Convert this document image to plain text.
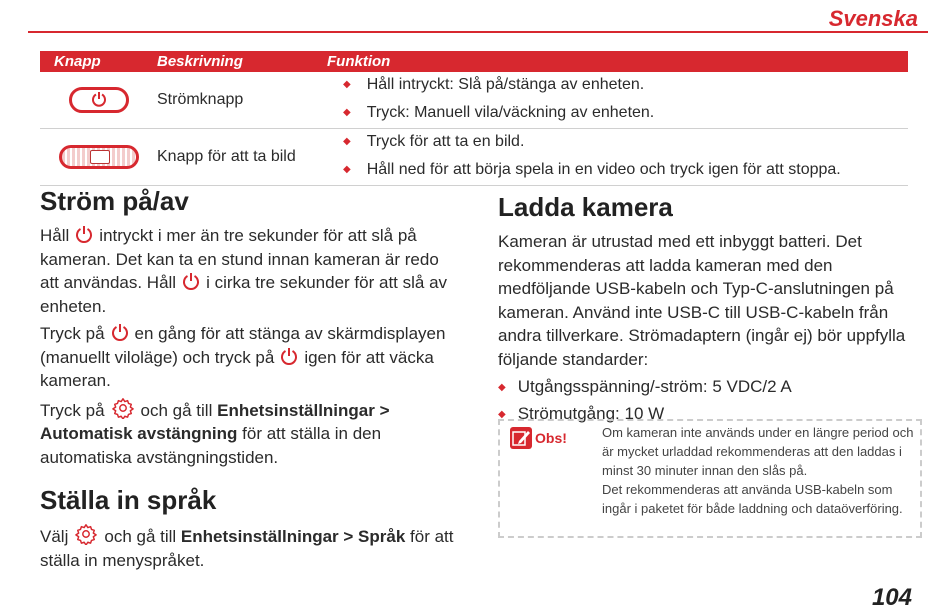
Svenska
Knapp	Beskrivning	Funktion

	Strömknapp	◆ Håll intryckt: Slå på/stänga av enheten.
◆ Tryck: Manuell vila/väckning av enheten.

	Knapp för att ta bild	◆ Tryck för att ta en bild.
◆ Håll ned för att börja spela in en video och tryck igen för att stoppa.
Ström på/av

Håll intryckt i mer än tre sekunder för att slå på kameran. Det kan ta en stund innan kameran är redo att användas. Håll i cirka tre sekunder för att slå av enheten.

Tryck på en gång för att stänga av skärmdisplayen (manuellt viloläge) och tryck på igen för att väcka kameran.

Tryck på och gå till Enhetsinställningar > Automatisk avstängning för att ställa in den automatiska avstängningstiden.

Ställa in språk

Välj och gå till Enhetsinställningar > Språk för att ställa in menyspråket.

Ladda kamera

Kameran är utrustad med ett inbyggt batteri. Det rekommenderas att ladda kameran med den medföljande USB-kabeln och Typ-C-anslutningen på kameran. Använd inte USB-C till USB-C-kabeln från andra tillverkare. Strömadaptern (ingår ej) bör uppfylla följande standarder:

◆ Utgångsspänning/-ström: 5 VDC/2 A
◆ Strömutgång: 10 W
Obs!	Om kameran inte används under en längre period och är mycket urladdad rekommenderas att den laddas i minst 30 minuter innan den slås på.
Det rekommenderas att använda USB-kabeln som ingår i paketet för både laddning och dataöverföring.
104
